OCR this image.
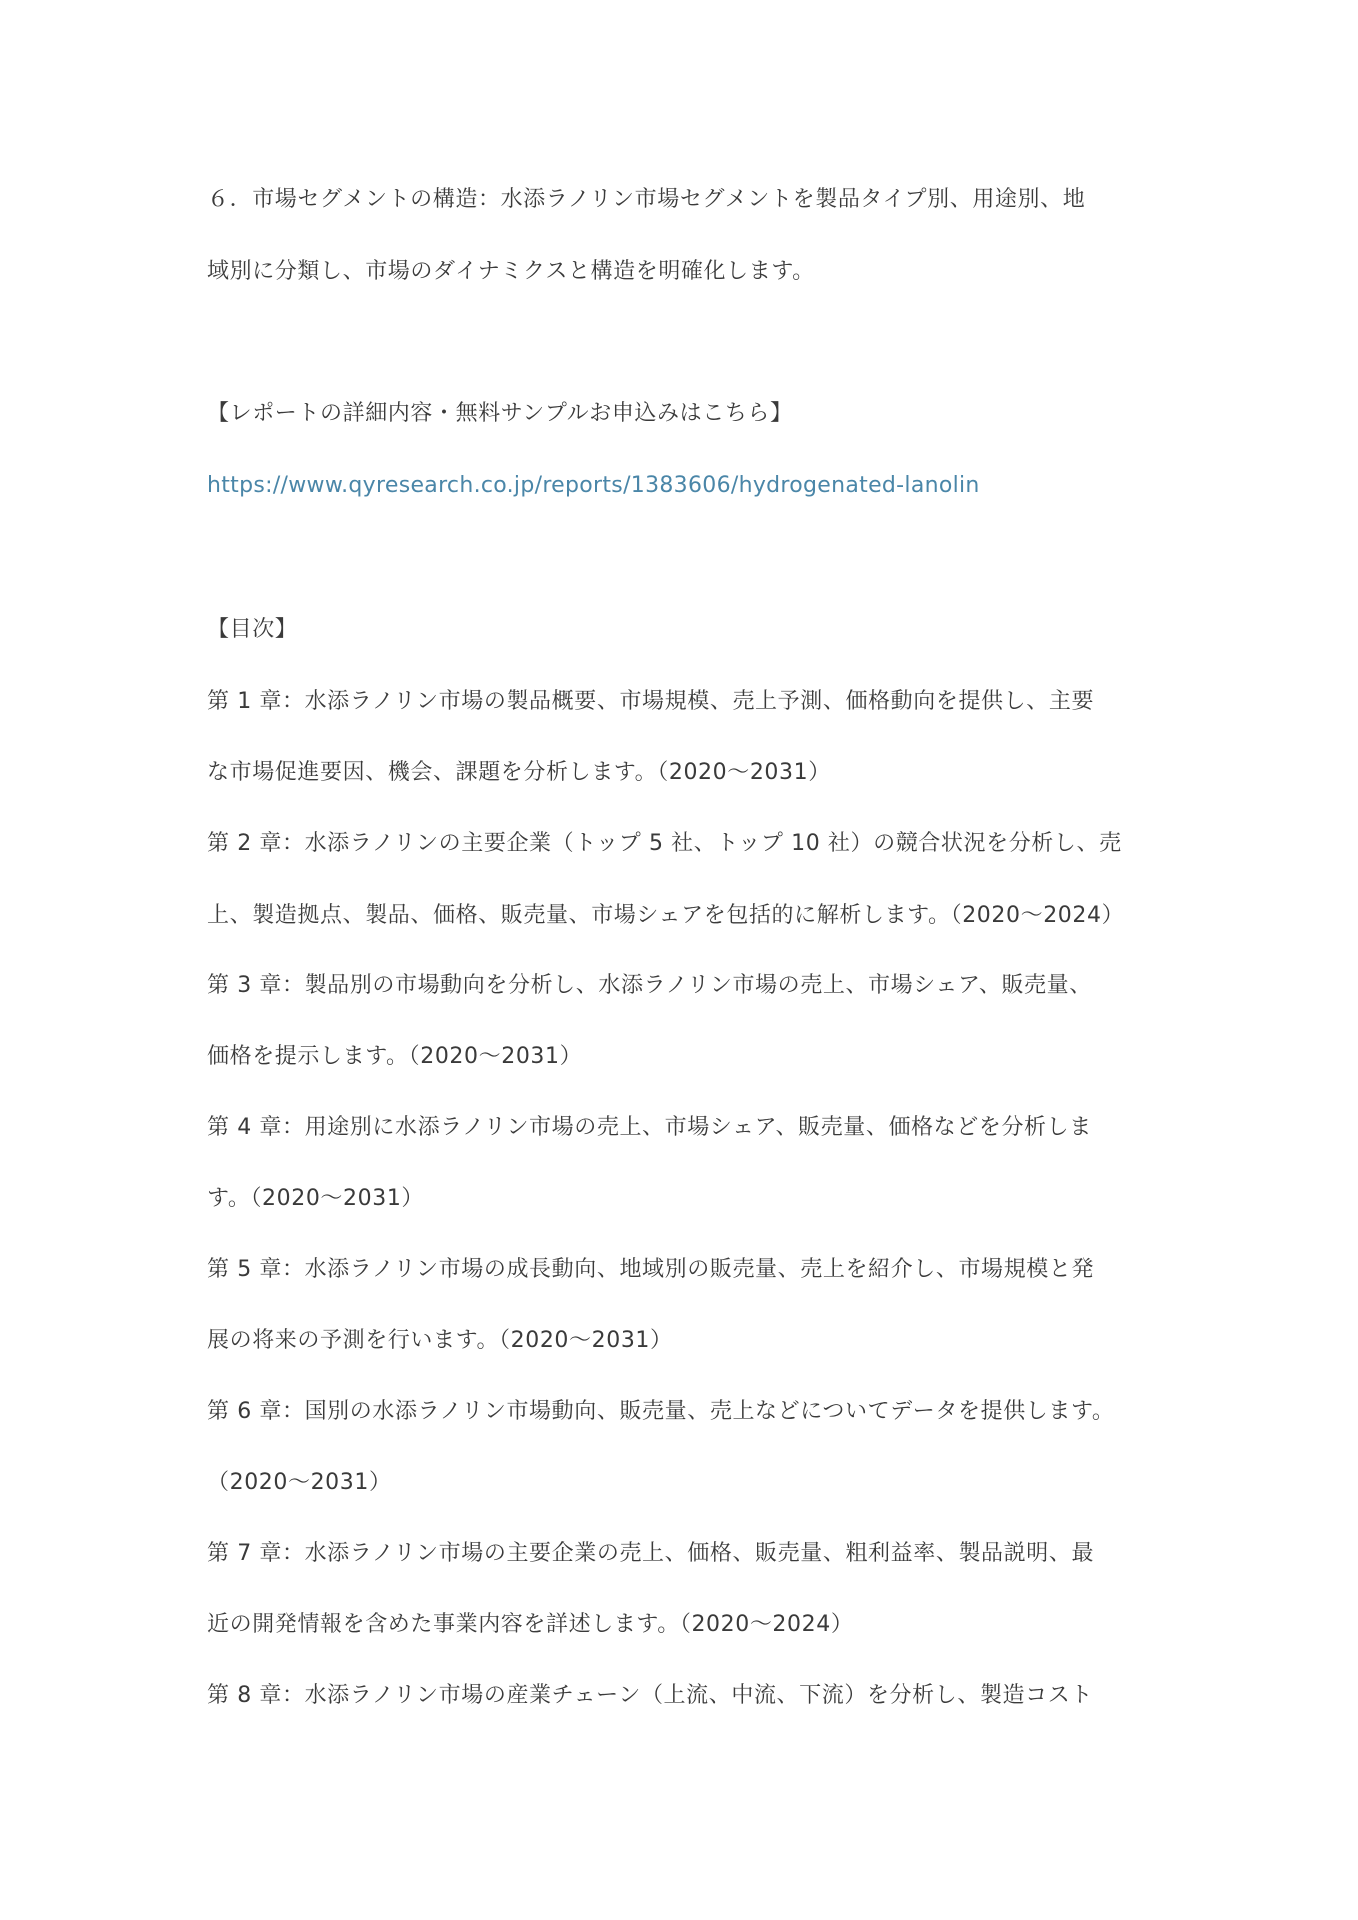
６．市場セグメントの構造：水添ラノリン市場セグメントを製品タイプ別、用途別、地
域別に分類し、市場のダイナミクスと構造を明確化します。
【レポートの詳細内容・無料サンプルお申込みはこちら】
https://www.qyresearch.co.jp/reports/1383606/hydrogenated-lanolin
【目次】
第 1 章：水添ラノリン市場の製品概要、市場規模、売上予測、価格動向を提供し、主要
な市場促進要因、機会、課題を分析します。（2020～2031）
第 2 章：水添ラノリンの主要企業（トップ 5 社、トップ 10 社）の競合状況を分析し、売
上、製造拠点、製品、価格、販売量、市場シェアを包括的に解析します。（2020～2024）
第 3 章：製品別の市場動向を分析し、水添ラノリン市場の売上、市場シェア、販売量、
価格を提示します。（2020～2031）
第 4 章：用途別に水添ラノリン市場の売上、市場シェア、販売量、価格などを分析しま
す。（2020～2031）
第 5 章：水添ラノリン市場の成長動向、地域別の販売量、売上を紹介し、市場規模と発
展の将来の予測を行います。（2020～2031）
第 6 章：国別の水添ラノリン市場動向、販売量、売上などについてデータを提供します。
（2020～2031）
第 7 章：水添ラノリン市場の主要企業の売上、価格、販売量、粗利益率、製品説明、最
近の開発情報を含めた事業内容を詳述します。（2020～2024）
第 8 章：水添ラノリン市場の産業チェーン（上流、中流、下流）を分析し、製造コスト
